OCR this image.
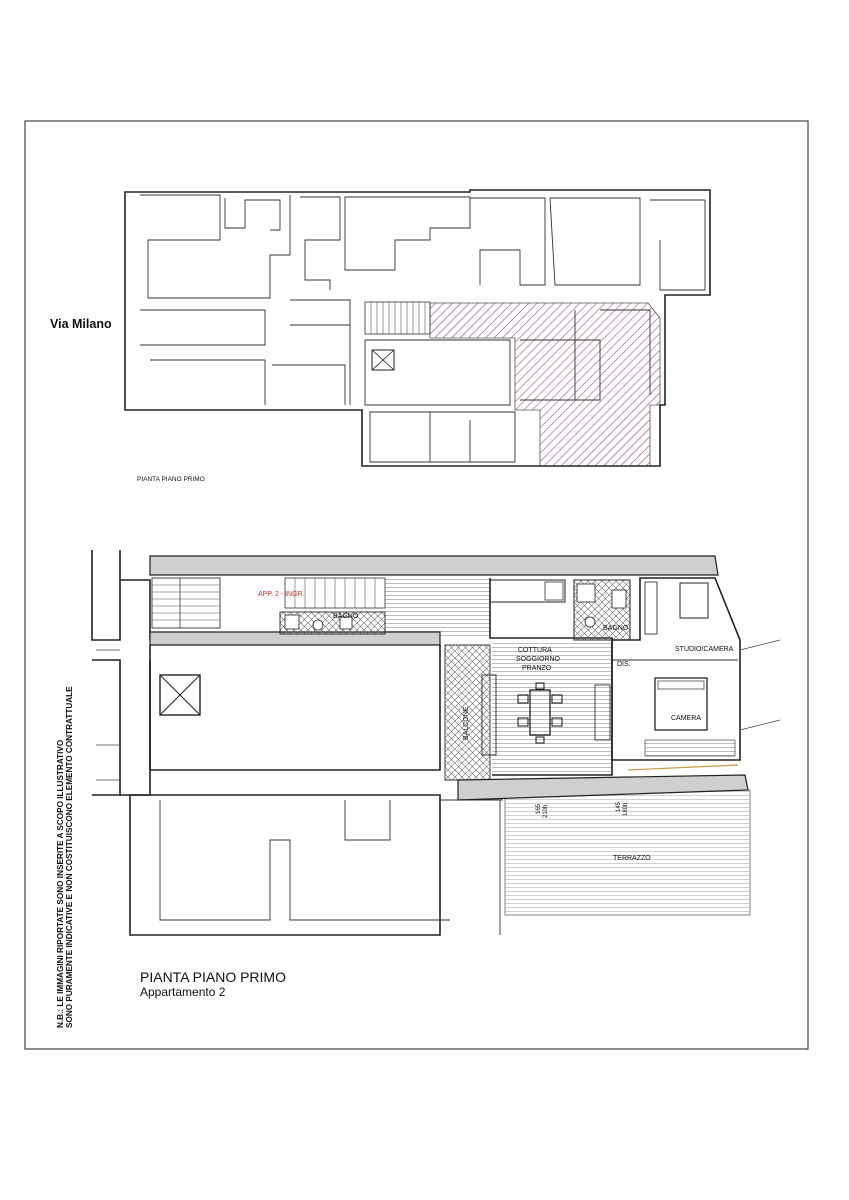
Via Milano
PIANTA PIANO PRIMO
APP. 2 - INGR.
BAGNO
BAGNO
COTTURA
SOGGIORNO
PRANZO
DIS.
STUDIO/CAMERA
CAMERA
BALCONE
TERRAZZO
165 210h	145 180h
PIANTA PIANO PRIMO
Appartamento 2
N.B.: LE IMMAGINI RIPORTATE SONO INSERITE A SCOPO ILLUSTRATIVO SONO PURAMENTE INDICATIVE E NON COSTITUISCONO ELEMENTO CONTRATTUALE
